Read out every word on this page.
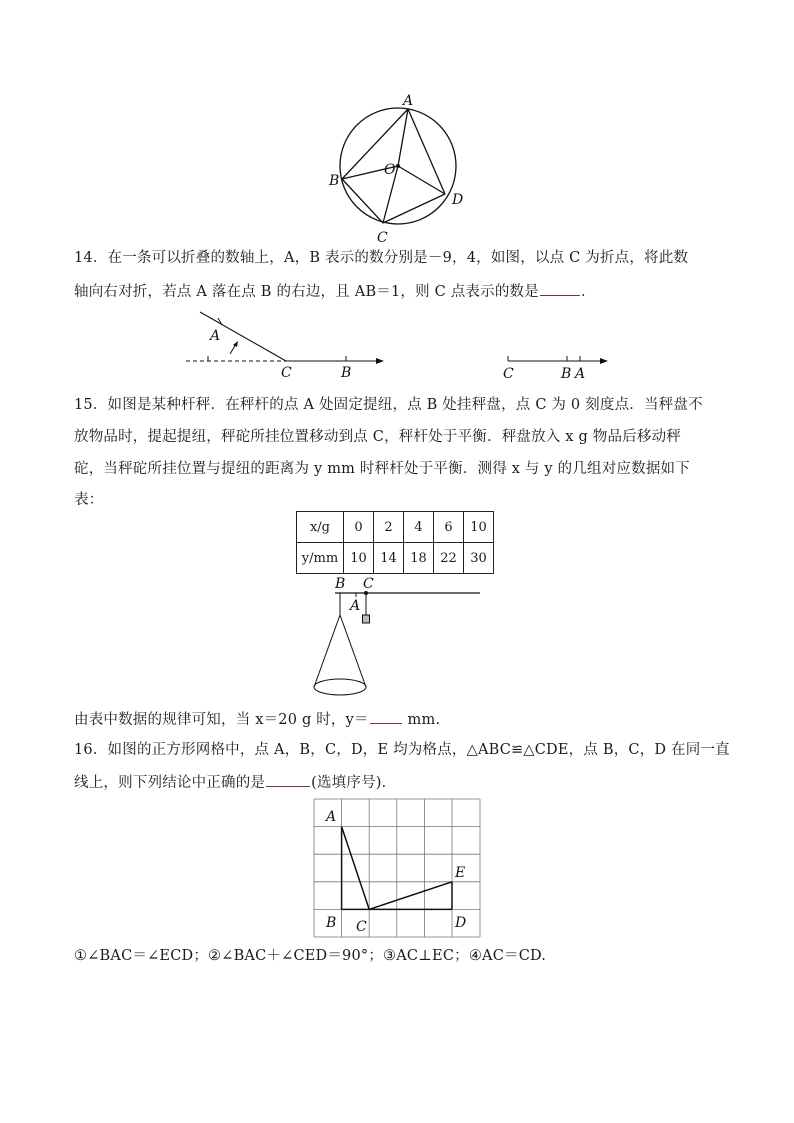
A
B
C
D
O
14．在一条可以折叠的数轴上，A，B 表示的数分别是－9，4，如图，以点 C 为折点，将此数
轴向右对折，若点 A 落在点 B 的右边，且 AB＝1，则 C 点表示的数是	．
A
C	B	C	B A
15．如图是某种杆秤．在秤杆的点 A 处固定提纽，点 B 处挂秤盘，点 C 为 0 刻度点．当秤盘不
放物品时，提起提纽，秤砣所挂位置移动到点 C，秤杆处于平衡．秤盘放入 x g 物品后移动秤
砣，当秤砣所挂位置与提纽的距离为 y mm 时秤杆处于平衡．测得 x 与 y 的几组对应数据如下
表：
x/g	0	2	4	6	10
y/mm	10	14	18	22	30
B C
A
由表中数据的规律可知，当 x＝20 g 时，y＝ mm.
16．如图的正方形网格中，点 A，B，C，D，E 均为格点，△ABC≌△CDE，点 B，C，D 在同一直
线上，则下列结论中正确的是	(选填序号)．
A
B C	D
E
①∠BAC＝∠ECD；②∠BAC＋∠CED＝90°；③AC⊥EC；④AC＝CD.
